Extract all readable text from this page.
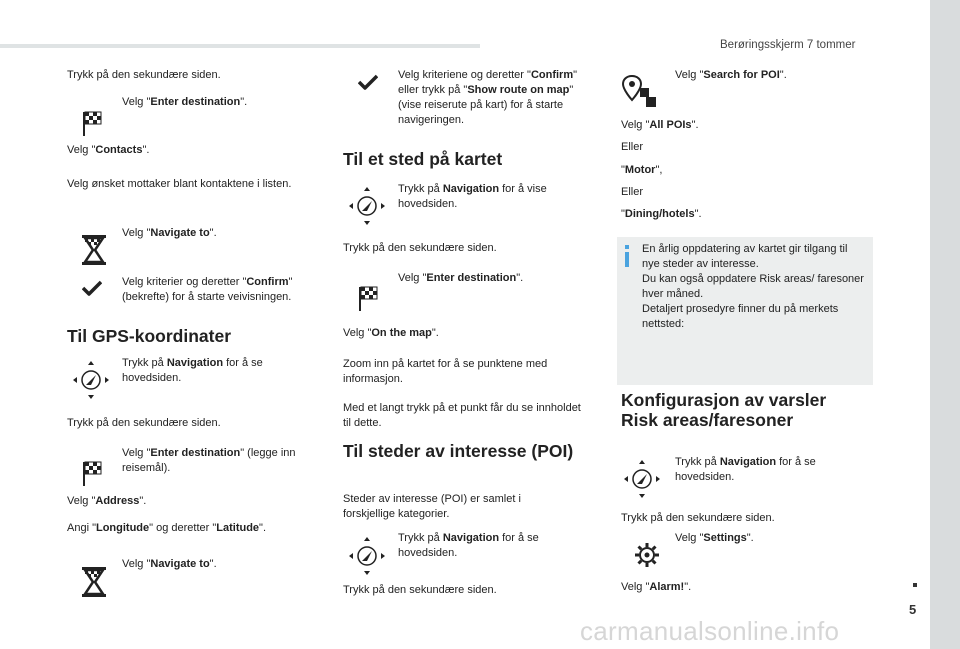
Berøringsskjerm 7 tommer
5
carmanualsonline.info
Trykk på den sekundære siden.
Velg "Enter destination".
Velg "Contacts".
Velg ønsket mottaker blant kontaktene i listen.
Velg "Navigate to".
Velg kriterier og deretter "Confirm" (bekrefte) for å starte veivisningen.
Til GPS-koordinater
Trykk på Navigation for å se hovedsiden.
Trykk på den sekundære siden.
Velg "Enter destination" (legge inn reisemål).
Velg "Address".
Angi "Longitude" og deretter "Latitude".
Velg "Navigate to".
Velg kriteriene og deretter "Confirm" eller trykk på "Show route on map" (vise reiserute på kart) for å starte navigeringen.
Til et sted på kartet
Trykk på Navigation for å vise hovedsiden.
Trykk på den sekundære siden.
Velg "Enter destination".
Velg "On the map".
Zoom inn på kartet for å se punktene med informasjon.
Med et langt trykk på et punkt får du se innholdet til dette.
Til steder av interesse (POI)
Steder av interesse (POI) er samlet i forskjellige kategorier.
Trykk på Navigation for å se hovedsiden.
Trykk på den sekundære siden.
Velg "Search for POI".
Velg "All POIs".
Eller
"Motor",
Eller
"Dining/hotels".
En årlig oppdatering av kartet gir tilgang til nye steder av interesse.
Du kan også oppdatere Risk areas/ faresoner hver måned.
Detaljert prosedyre finner du på merkets nettsted:
Konfigurasjon av varsler
Risk areas/faresoner
Trykk på Navigation for å se hovedsiden.
Trykk på den sekundære siden.
Velg "Settings".
Velg "Alarm!".
